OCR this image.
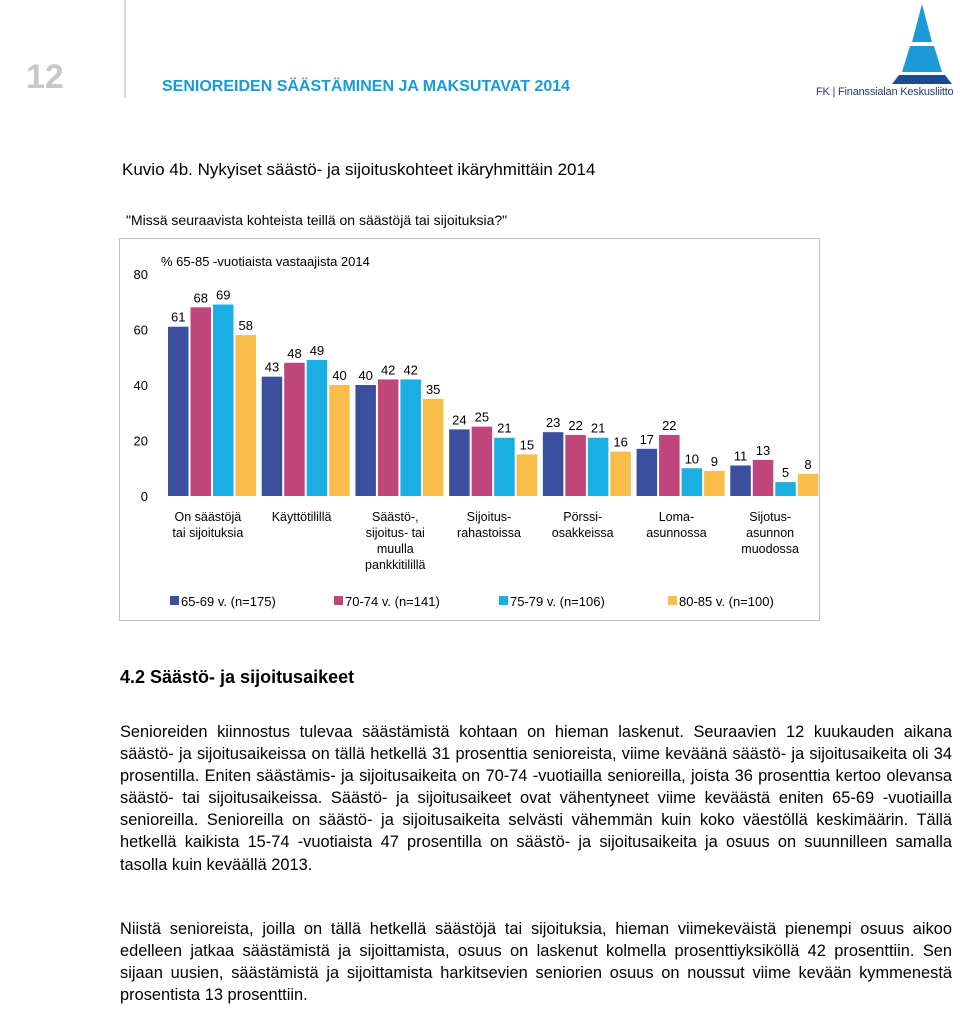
12	SENIOREIDEN SÄÄSTÄMINEN JA MAKSUTAVAT 2014	FK | Finanssialan Keskusliitto
Kuvio 4b. Nykyiset säästö- ja sijoituskohteet ikäryhmittäin 2014
"Missä seuraavista kohteista teillä on säästöjä tai sijoituksia?"
0
20
40
60
80
% 65-85 -vuotiaista vastaajista 2014
61
68 69
58
On säästöjä
tai sijoituksia
43
48 49
40
Käyttötilillä
40 42 42
35
Säästö-,
sijoitus- tai
muulla
pankkitilillä
24 25
21
15
Sijoitus-
rahastoissa
23 22 21
16
Pörssi-
osakkeissa
17
22
10 9
Loma-
asunnossa
11 13
5
8
Sijotus-
asunnon
muodossa
65-69 v. (n=175)	70-74 v. (n=141)	75-79 v. (n=106)	80-85 v. (n=100)
4.2 Säästö- ja sijoitusaikeet

Senioreiden kiinnostus tulevaa säästämistä kohtaan on hieman laskenut. Seuraavien 12 kuukauden aikana säästö- ja sijoitusaikeissa on tällä hetkellä 31 prosenttia senioreista, viime keväänä säästö- ja sijoitusaikeita oli 34 prosentilla. Eniten säästämis- ja sijoitusaikeita on 70-74 -vuotiailla senioreilla, joista 36 prosenttia kertoo olevansa säästö- tai sijoitusaikeissa. Säästö- ja sijoitusaikeet ovat vähentyneet viime keväästä eniten 65-69 -vuotiailla senioreilla. Senioreilla on säästö- ja sijoitusaikeita selvästi vähemmän kuin koko väestöllä keskimäärin. Tällä hetkellä kaikista 15-74 -vuotiaista 47 prosentilla on säästö- ja sijoitusaikeita ja osuus on suunnilleen samalla tasolla kuin keväällä 2013.

Niistä senioreista, joilla on tällä hetkellä säästöjä tai sijoituksia, hieman viimekeväistä pienempi osuus aikoo edelleen jatkaa säästämistä ja sijoittamista, osuus on laskenut kolmella prosenttiyksiköllä 42 prosenttiin. Sen sijaan uusien, säästämistä ja sijoittamista harkitsevien seniorien osuus on noussut viime kevään kymmenestä prosentista 13 prosenttiin.
